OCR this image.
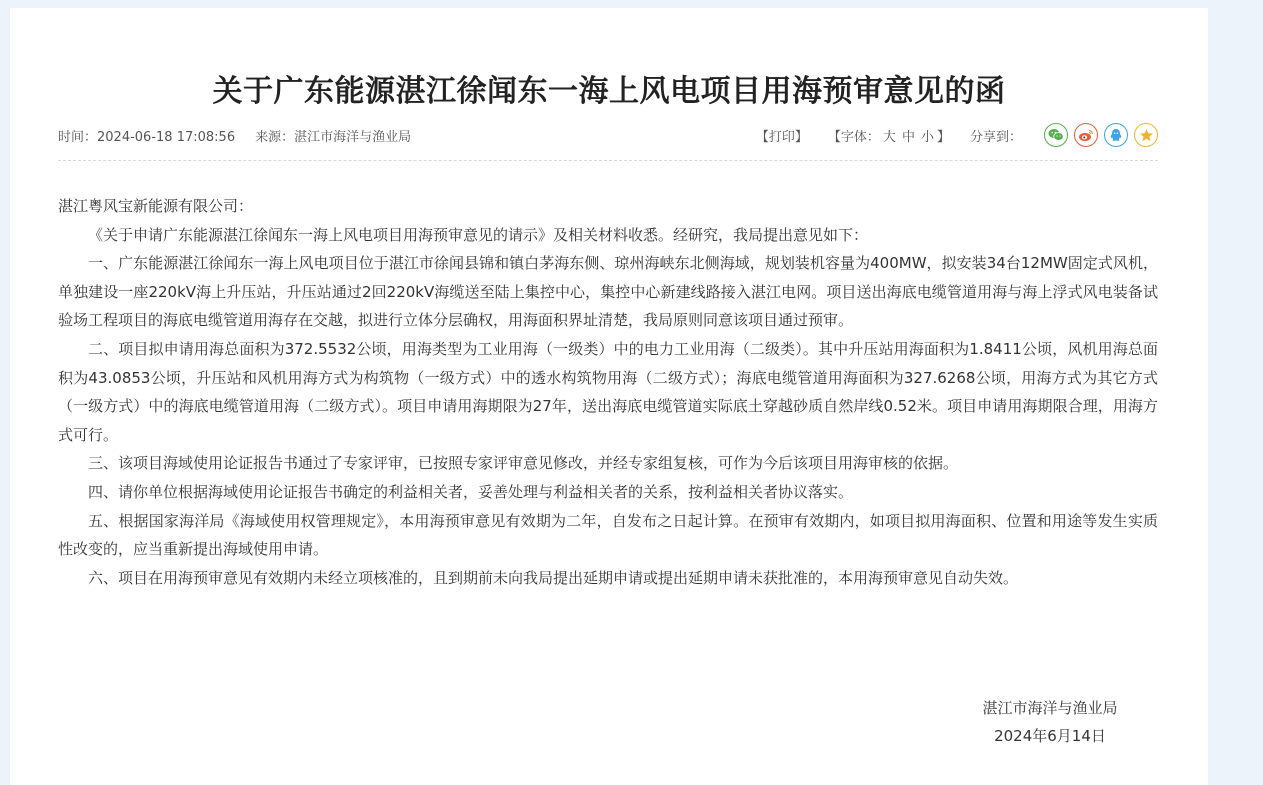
关于广东能源湛江徐闻东一海上风电项目用海预审意见的函
时间：2024-06-18 17:08:56 来源：湛江市海洋与渔业局	【打印】 【字体： 大 中 小 】 分享到：

湛江粤风宝新能源有限公司：

《关于申请广东能源湛江徐闻东一海上风电项目用海预审意见的请示》及相关材料收悉。经研究，我局提出意见如下：

一、广东能源湛江徐闻东一海上风电项目位于湛江市徐闻县锦和镇白茅海东侧、琼州海峡东北侧海域，规划装机容量为400MW，拟安装34台12MW固定式风机，单独建设一座220kV海上升压站，升压站通过2回220kV海缆送至陆上集控中心，集控中心新建线路接入湛江电网。项目送出海底电缆管道用海与海上浮式风电装备试验场工程项目的海底电缆管道用海存在交越，拟进行立体分层确权，用海面积界址清楚，我局原则同意该项目通过预审。

二、项目拟申请用海总面积为372.5532公顷，用海类型为工业用海（一级类）中的电力工业用海（二级类）。其中升压站用海面积为1.8411公顷，风机用海总面积为43.0853公顷，升压站和风机用海方式为构筑物（一级方式）中的透水构筑物用海（二级方式）；海底电缆管道用海面积为327.6268公顷，用海方式为其它方式（一级方式）中的海底电缆管道用海（二级方式）。项目申请用海期限为27年，送出海底电缆管道实际底土穿越砂质自然岸线0.52米。项目申请用海期限合理，用海方式可行。

三、该项目海域使用论证报告书通过了专家评审，已按照专家评审意见修改，并经专家组复核，可作为今后该项目用海审核的依据。

四、请你单位根据海域使用论证报告书确定的利益相关者，妥善处理与利益相关者的关系，按利益相关者协议落实。

五、根据国家海洋局《海域使用权管理规定》，本用海预审意见有效期为二年，自发布之日起计算。在预审有效期内，如项目拟用海面积、位置和用途等发生实质性改变的，应当重新提出海域使用申请。

六、项目在用海预审意见有效期内未经立项核准的，且到期前未向我局提出延期申请或提出延期申请未获批准的，本用海预审意见自动失效。

湛江市海洋与渔业局
2024年6月14日
